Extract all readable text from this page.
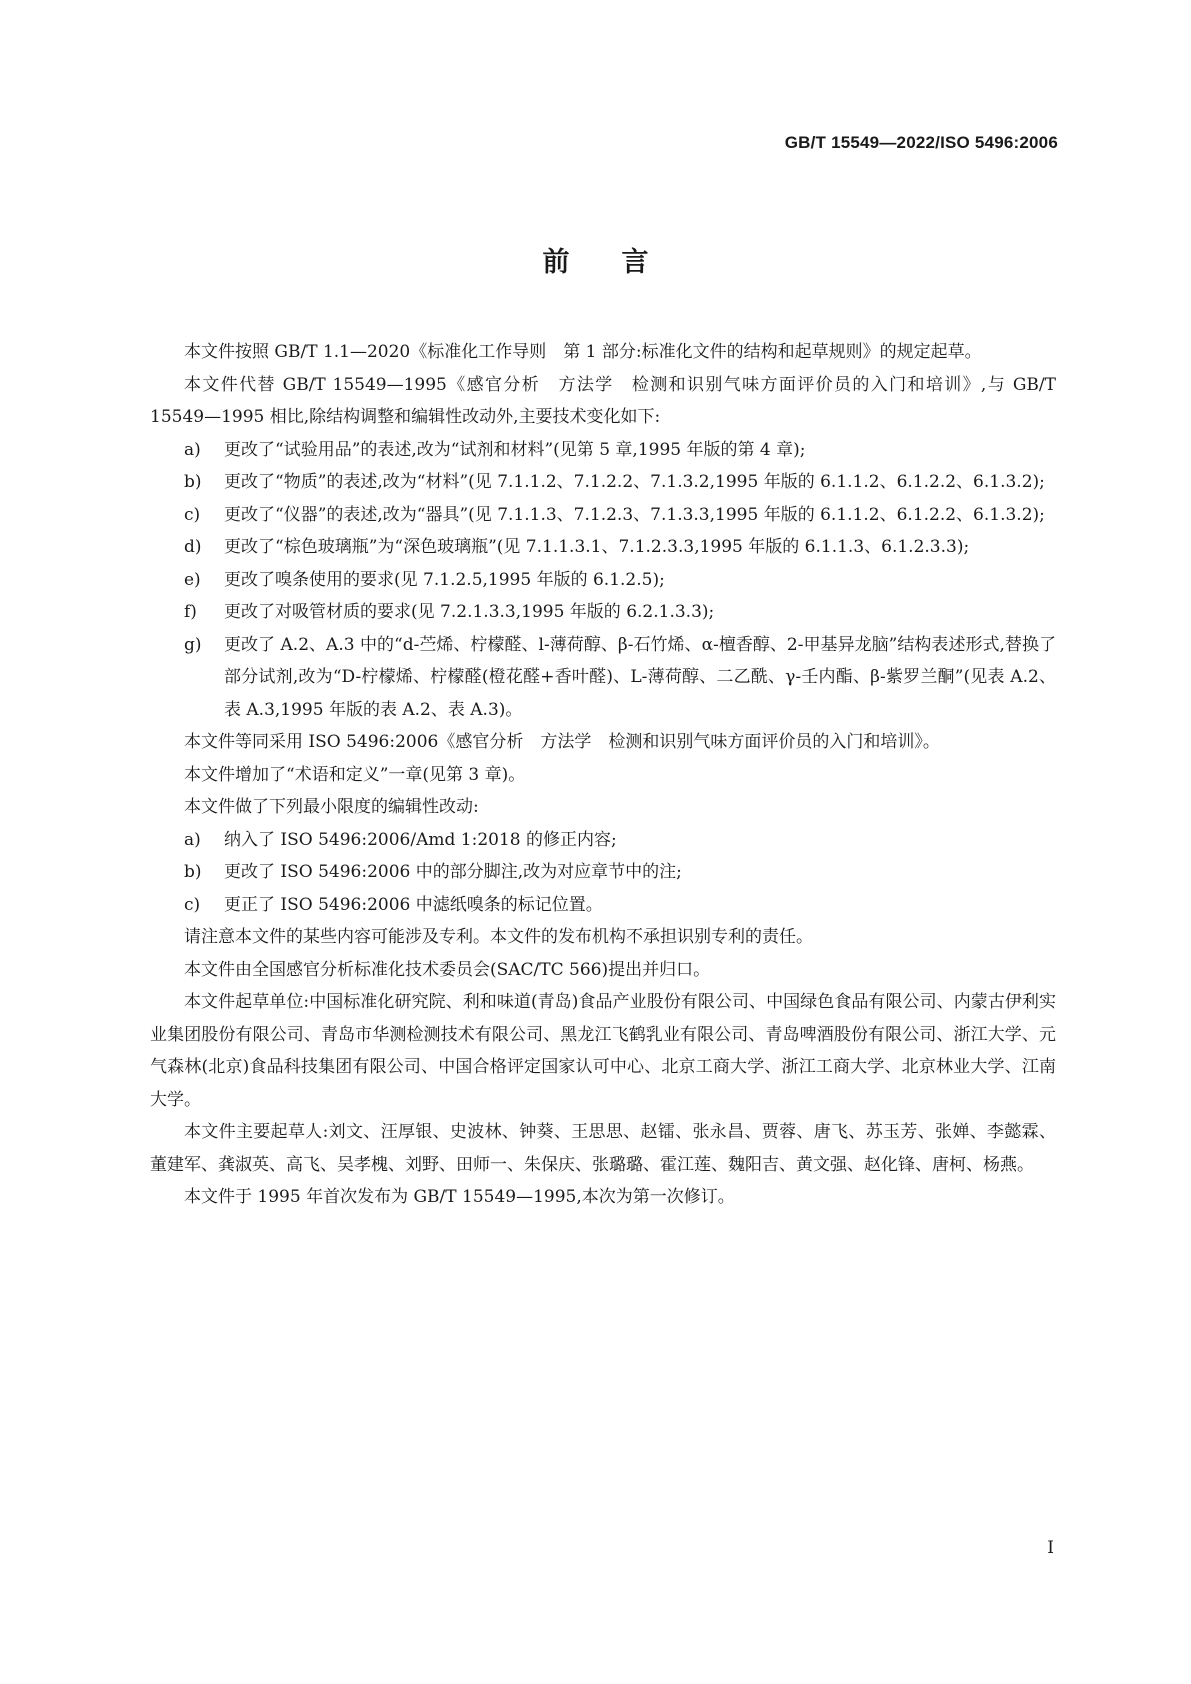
GB/T 15549—2022/ISO 5496:2006
前言
本文件按照 GB/T 1.1—2020《标准化工作导则　第 1 部分:标准化文件的结构和起草规则》的规定起草。
本文件代替 GB/T 15549—1995《感官分析　方法学　检测和识别气味方面评价员的入门和培训》,与 GB/T 15549—1995 相比,除结构调整和编辑性改动外,主要技术变化如下:
a)	更改了“试验用品”的表述,改为“试剂和材料”(见第 5 章,1995 年版的第 4 章);
b)	更改了“物质”的表述,改为“材料”(见 7.1.1.2、7.1.2.2、7.1.3.2,1995 年版的 6.1.1.2、6.1.2.2、6.1.3.2);
c)	更改了“仪器”的表述,改为“器具”(见 7.1.1.3、7.1.2.3、7.1.3.3,1995 年版的 6.1.1.2、6.1.2.2、6.1.3.2);
d)	更改了“棕色玻璃瓶”为“深色玻璃瓶”(见 7.1.1.3.1、7.1.2.3.3,1995 年版的 6.1.1.3、6.1.2.3.3);
e)	更改了嗅条使用的要求(见 7.1.2.5,1995 年版的 6.1.2.5);
f)	更改了对吸管材质的要求(见 7.2.1.3.3,1995 年版的 6.2.1.3.3);
g)	更改了 A.2、A.3 中的“d-苎烯、柠檬醛、l-薄荷醇、β-石竹烯、α-檀香醇、2-甲基异龙脑”结构表述形式,替换了部分试剂,改为“D-柠檬烯、柠檬醛(橙花醛+香叶醛)、L-薄荷醇、二乙酰、γ-壬内酯、β-紫罗兰酮”(见表 A.2、表 A.3,1995 年版的表 A.2、表 A.3)。
本文件等同采用 ISO 5496:2006《感官分析　方法学　检测和识别气味方面评价员的入门和培训》。
本文件增加了“术语和定义”一章(见第 3 章)。
本文件做了下列最小限度的编辑性改动:
a)	纳入了 ISO 5496:2006/Amd 1:2018 的修正内容;
b)	更改了 ISO 5496:2006 中的部分脚注,改为对应章节中的注;
c)	更正了 ISO 5496:2006 中滤纸嗅条的标记位置。
请注意本文件的某些内容可能涉及专利。本文件的发布机构不承担识别专利的责任。
本文件由全国感官分析标准化技术委员会(SAC/TC 566)提出并归口。
本文件起草单位:中国标准化研究院、利和味道(青岛)食品产业股份有限公司、中国绿色食品有限公司、内蒙古伊利实业集团股份有限公司、青岛市华测检测技术有限公司、黑龙江飞鹤乳业有限公司、青岛啤酒股份有限公司、浙江大学、元气森林(北京)食品科技集团有限公司、中国合格评定国家认可中心、北京工商大学、浙江工商大学、北京林业大学、江南大学。
本文件主要起草人:刘文、汪厚银、史波林、钟葵、王思思、赵镭、张永昌、贾蓉、唐飞、苏玉芳、张婵、李懿霖、董建军、龚淑英、高飞、吴孝槐、刘野、田师一、朱保庆、张璐璐、霍江莲、魏阳吉、黄文强、赵化锋、唐柯、杨燕。
本文件于 1995 年首次发布为 GB/T 15549—1995,本次为第一次修订。
I
